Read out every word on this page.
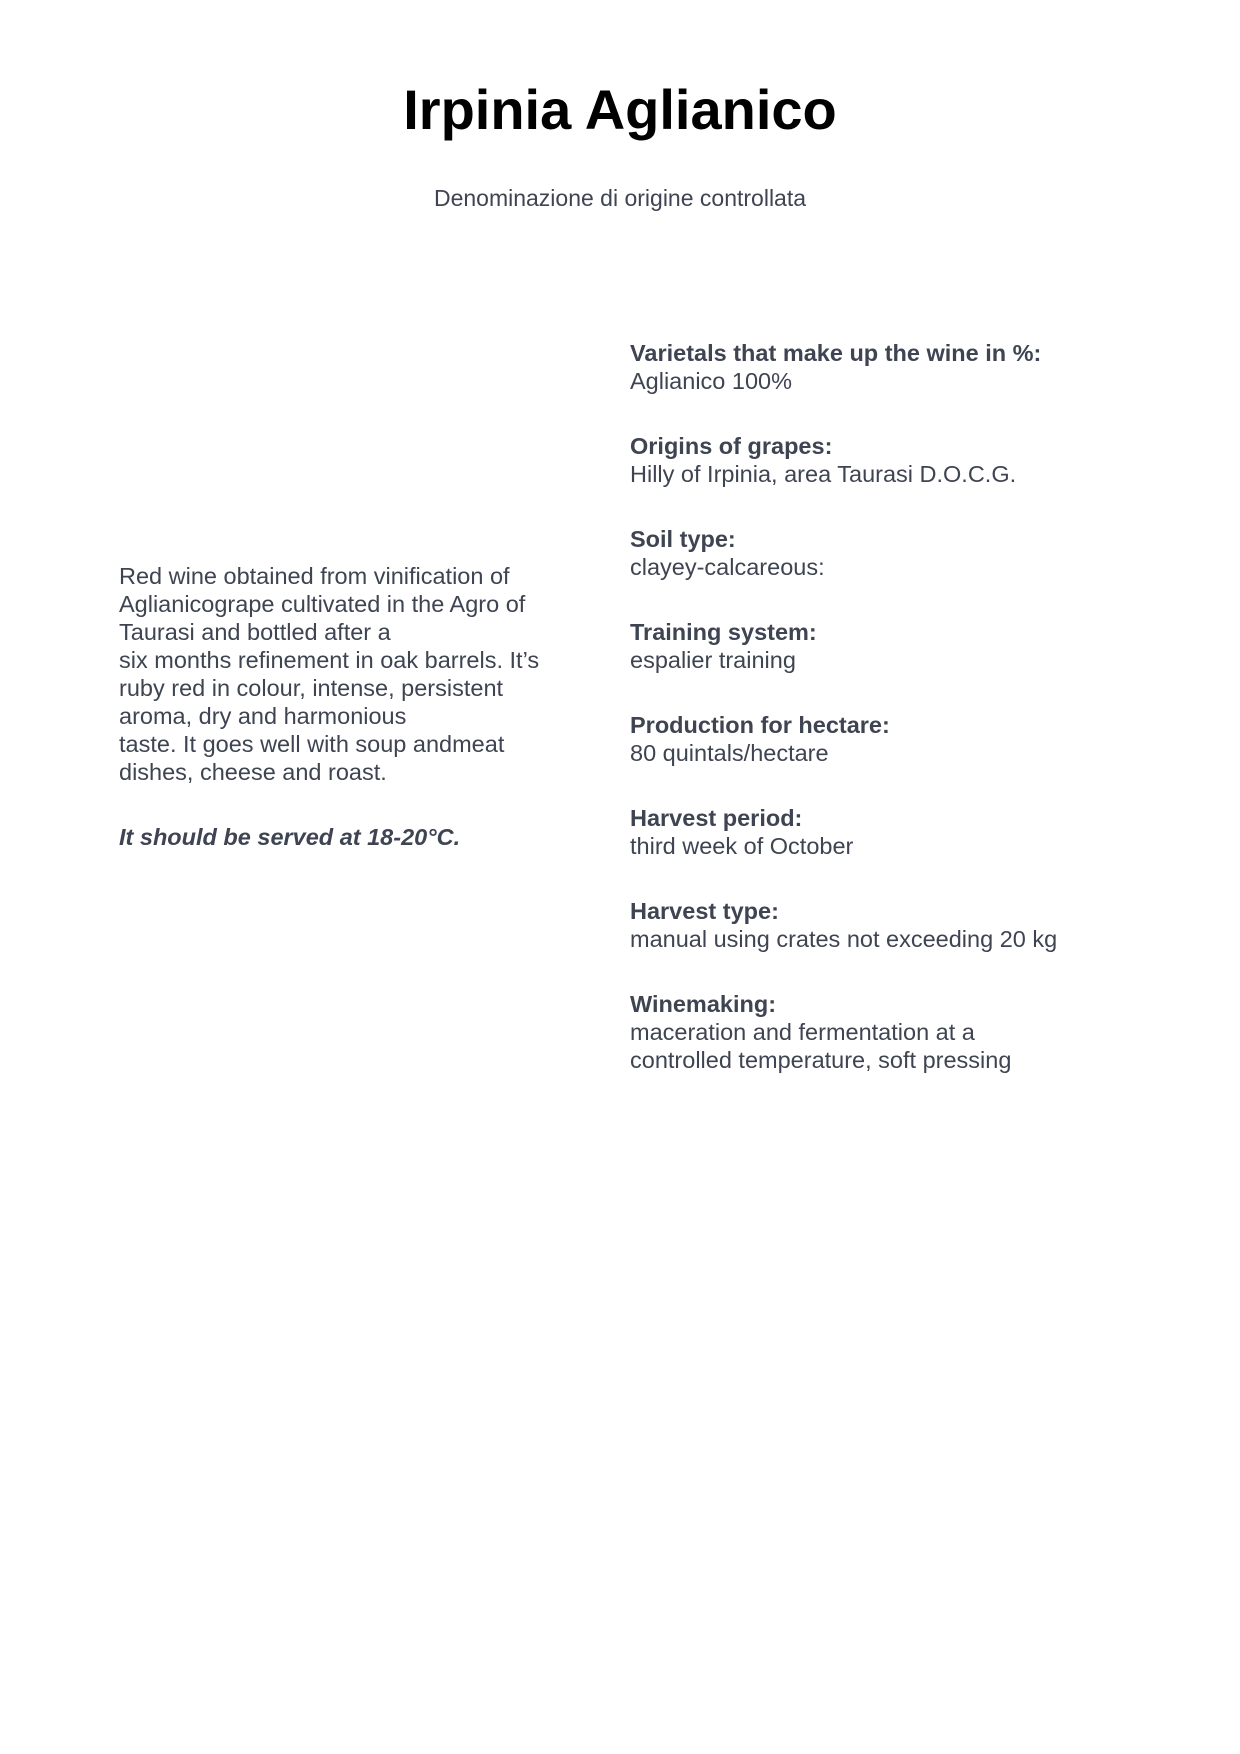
Irpinia Aglianico
Denominazione di origine controllata
Red wine obtained from vinification of
Aglianicogrape cultivated in the Agro of
Taurasi and bottled after a
six months refinement in oak barrels. It’s
ruby red in colour, intense, persistent
aroma, dry and harmonious
taste. It goes well with soup andmeat
dishes, cheese and roast.
It should be served at 18-20°C.
Varietals that make up the wine in %:
Aglianico 100%
Origins of grapes:
Hilly of Irpinia, area Taurasi D.O.C.G.
Soil type:
clayey-calcareous:
Training system:
espalier training
Production for hectare:
80 quintals/hectare
Harvest period:
third week of October
Harvest type:
manual using crates not exceeding 20 kg
Winemaking:
maceration and fermentation at a
controlled temperature, soft pressing
